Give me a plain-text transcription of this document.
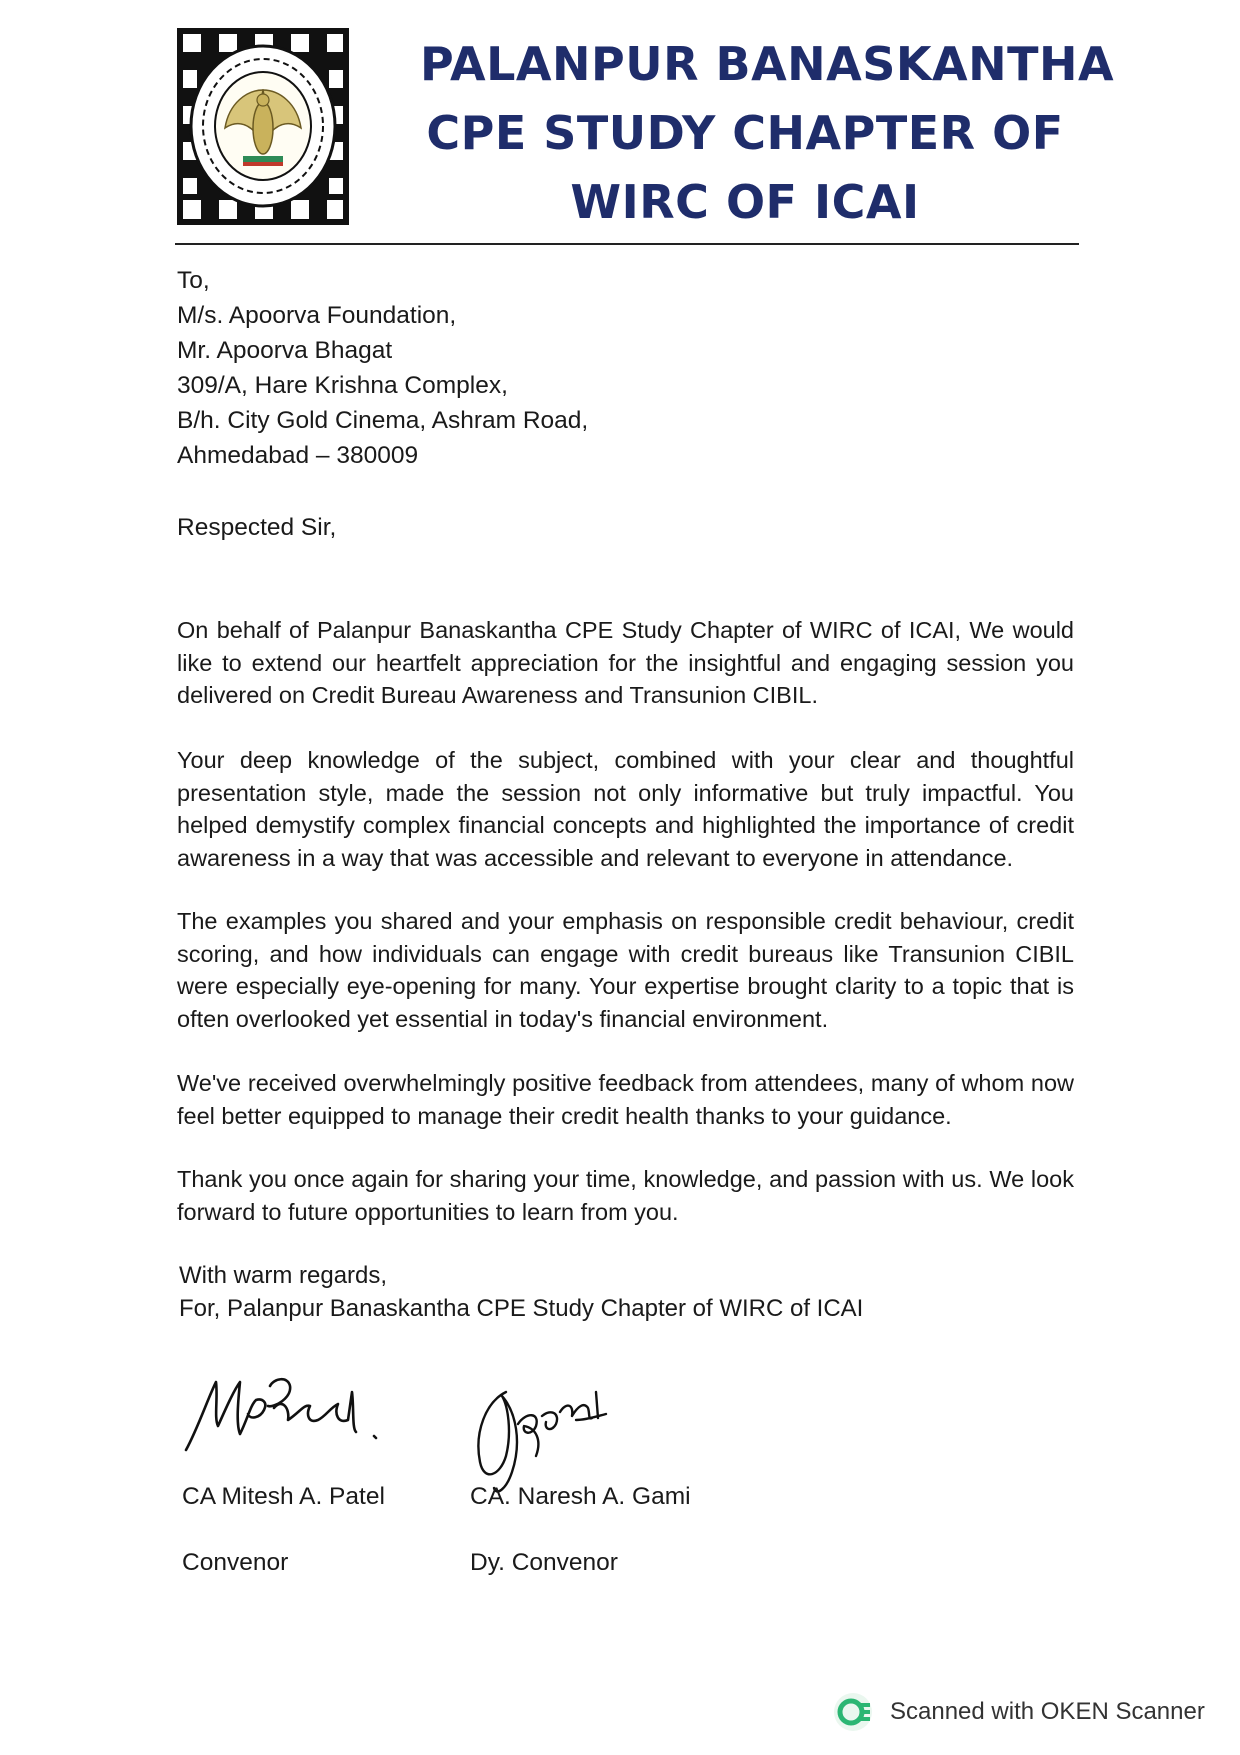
PALANPUR BANASKANTHA
CPE STUDY CHAPTER OF
WIRC OF ICAI
To,
M/s. Apoorva Foundation,
Mr. Apoorva Bhagat
309/A, Hare Krishna Complex,
B/h. City Gold Cinema, Ashram Road,
Ahmedabad – 380009
Respected Sir,
On behalf of Palanpur Banaskantha CPE Study Chapter of WIRC of ICAI, We would like to extend our heartfelt appreciation for the insightful and engaging session you delivered on Credit Bureau Awareness and Transunion CIBIL.
Your deep knowledge of the subject, combined with your clear and thoughtful presentation style, made the session not only informative but truly impactful. You helped demystify complex financial concepts and highlighted the importance of credit awareness in a way that was accessible and relevant to everyone in attendance.
The examples you shared and your emphasis on responsible credit behaviour, credit scoring, and how individuals can engage with credit bureaus like Transunion CIBIL were especially eye-opening for many. Your expertise brought clarity to a topic that is often overlooked yet essential in today's financial environment.
We've received overwhelmingly positive feedback from attendees, many of whom now feel better equipped to manage their credit health thanks to your guidance.
Thank you once again for sharing your time, knowledge, and passion with us. We look forward to future opportunities to learn from you.
With warm regards,
For, Palanpur Banaskantha CPE Study Chapter of WIRC of ICAI
CA Mitesh A. Patel
Convenor
CA. Naresh A. Gami
Dy. Convenor
Scanned with OKEN Scanner
